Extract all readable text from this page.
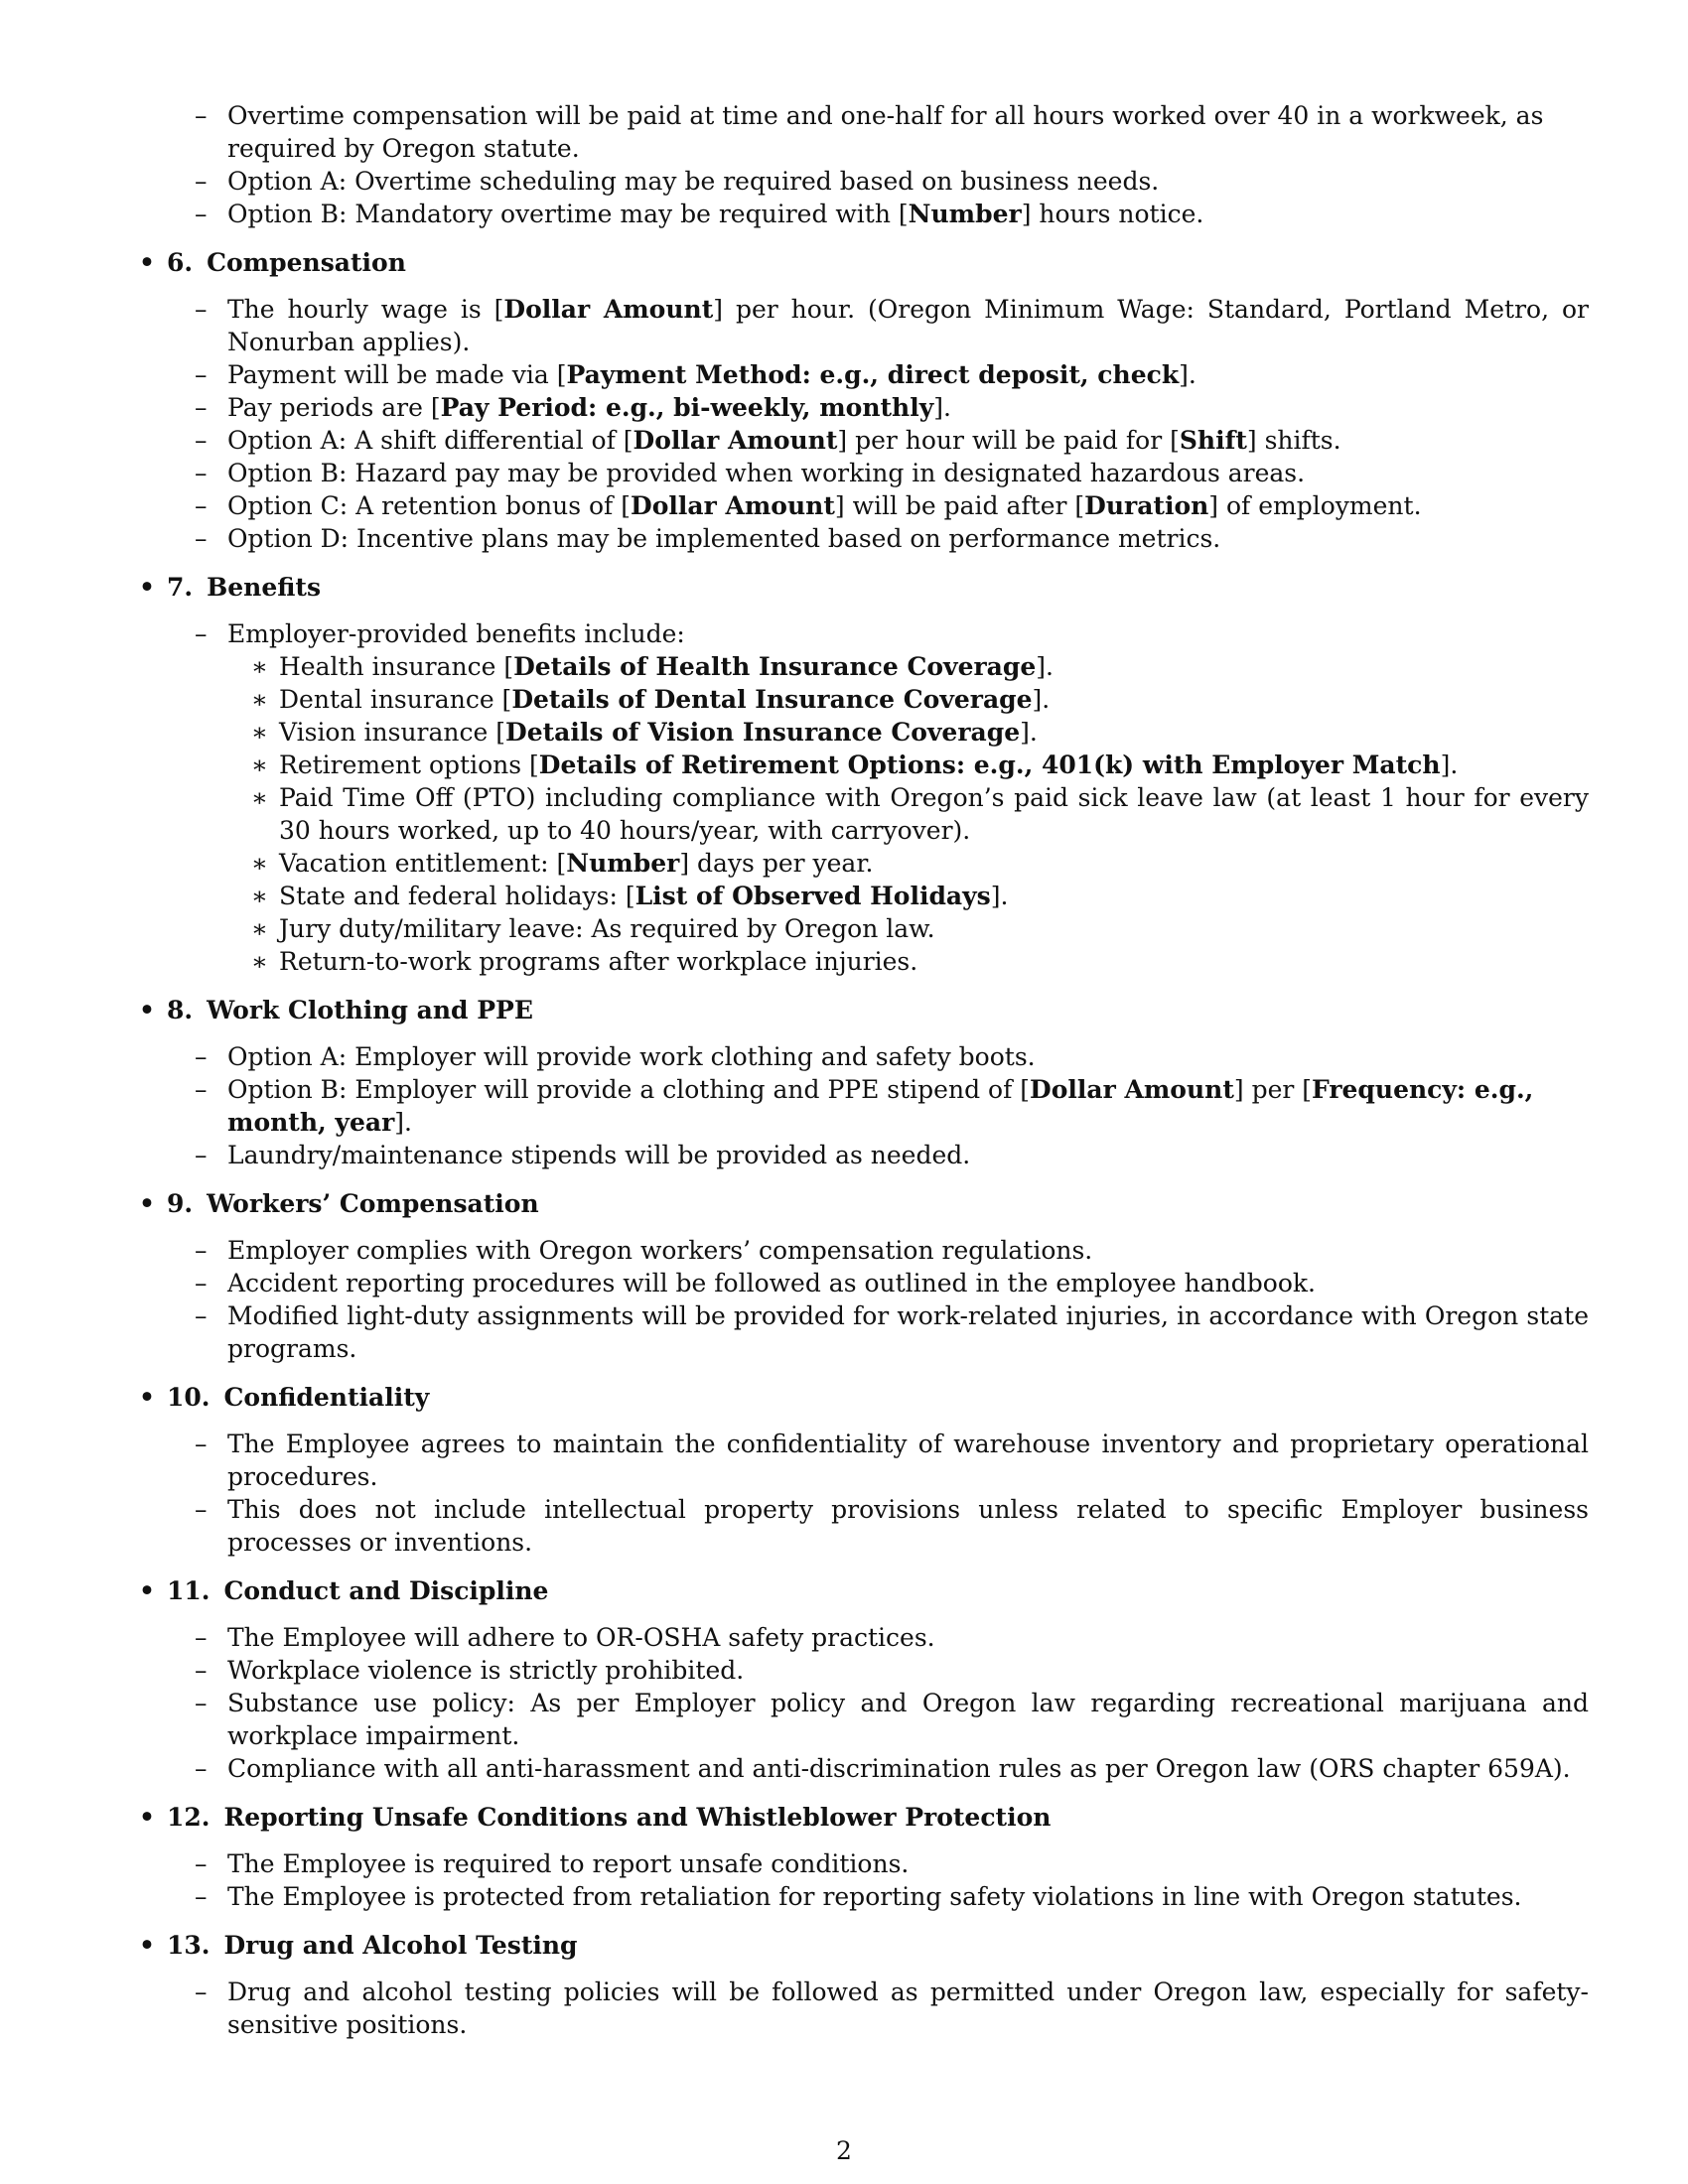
– Overtime compensation will be paid at time and one-half for all hours worked over 40 in a workweek, as required by Oregon statute.
– Option A: Overtime scheduling may be required based on business needs.
– Option B: Mandatory overtime may be required with [Number] hours notice.
• 6. Compensation
– The hourly wage is [Dollar Amount] per hour. (Oregon Minimum Wage: Standard, Portland Metro, or Nonurban applies).
– Payment will be made via [Payment Method: e.g., direct deposit, check].
– Pay periods are [Pay Period: e.g., bi-weekly, monthly].
– Option A: A shift differential of [Dollar Amount] per hour will be paid for [Shift] shifts.
– Option B: Hazard pay may be provided when working in designated hazardous areas.
– Option C: A retention bonus of [Dollar Amount] will be paid after [Duration] of employment.
– Option D: Incentive plans may be implemented based on performance metrics.
• 7. Benefits
– Employer-provided benefits include:
∗ Health insurance [Details of Health Insurance Coverage].
∗ Dental insurance [Details of Dental Insurance Coverage].
∗ Vision insurance [Details of Vision Insurance Coverage].
∗ Retirement options [Details of Retirement Options: e.g., 401(k) with Employer Match].
∗ Paid Time Off (PTO) including compliance with Oregon’s paid sick leave law (at least 1 hour for every 30 hours worked, up to 40 hours/year, with carryover).
∗ Vacation entitlement: [Number] days per year.
∗ State and federal holidays: [List of Observed Holidays].
∗ Jury duty/military leave: As required by Oregon law.
∗ Return-to-work programs after workplace injuries.
• 8. Work Clothing and PPE
– Option A: Employer will provide work clothing and safety boots.
– Option B: Employer will provide a clothing and PPE stipend of [Dollar Amount] per [Frequency: e.g., month, year].
– Laundry/maintenance stipends will be provided as needed.
• 9. Workers’ Compensation
– Employer complies with Oregon workers’ compensation regulations.
– Accident reporting procedures will be followed as outlined in the employee handbook.
– Modified light-duty assignments will be provided for work-related injuries, in accordance with Oregon state programs.
• 10. Confidentiality
– The Employee agrees to maintain the confidentiality of warehouse inventory and proprietary operational procedures.
– This does not include intellectual property provisions unless related to specific Employer business processes or inventions.
• 11. Conduct and Discipline
– The Employee will adhere to OR-OSHA safety practices.
– Workplace violence is strictly prohibited.
– Substance use policy: As per Employer policy and Oregon law regarding recreational marijuana and workplace impairment.
– Compliance with all anti-harassment and anti-discrimination rules as per Oregon law (ORS chapter 659A).
• 12. Reporting Unsafe Conditions and Whistleblower Protection
– The Employee is required to report unsafe conditions.
– The Employee is protected from retaliation for reporting safety violations in line with Oregon statutes.
• 13. Drug and Alcohol Testing
– Drug and alcohol testing policies will be followed as permitted under Oregon law, especially for safety-sensitive positions.
2
